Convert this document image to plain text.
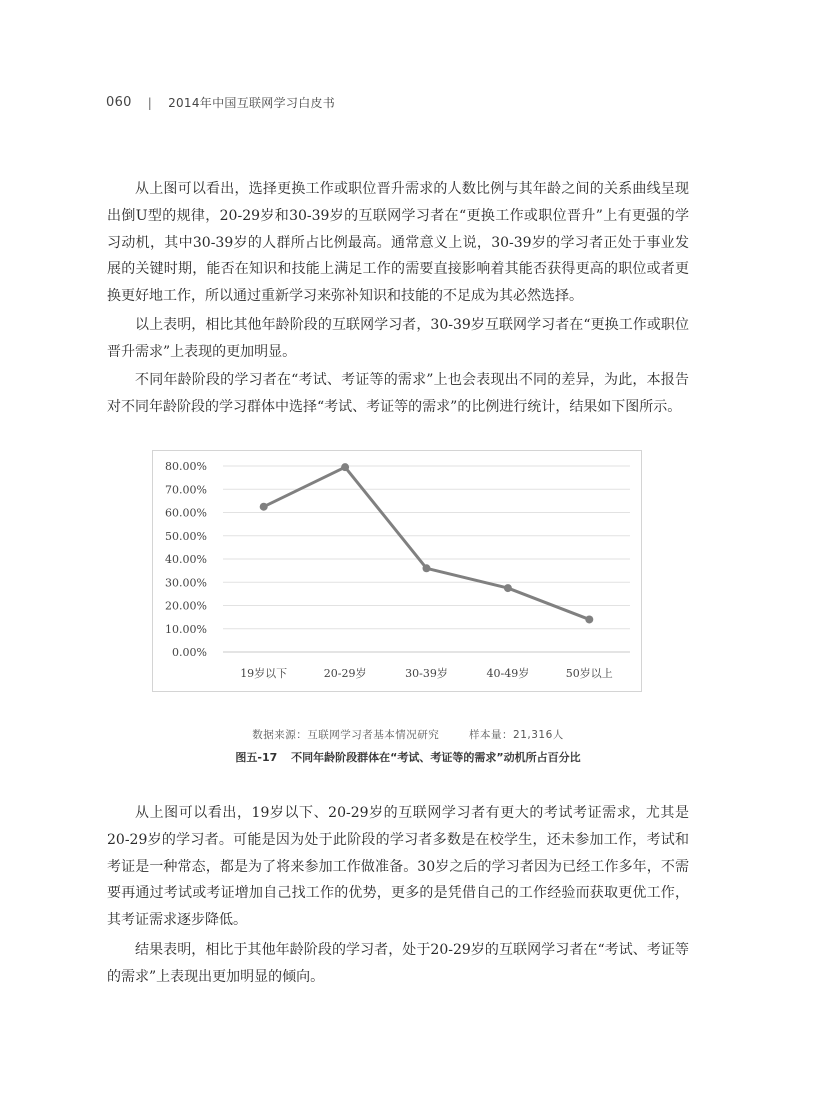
060 | 2014年中国互联网学习白皮书

从上图可以看出，选择更换工作或职位晋升需求的人数比例与其年龄之间的关系曲线呈现出倒U型的规律，20-29岁和30-39岁的互联网学习者在“更换工作或职位晋升”上有更强的学习动机，其中30-39岁的人群所占比例最高。通常意义上说，30-39岁的学习者正处于事业发展的关键时期，能否在知识和技能上满足工作的需要直接影响着其能否获得更高的职位或者更换更好地工作，所以通过重新学习来弥补知识和技能的不足成为其必然选择。

以上表明，相比其他年龄阶段的互联网学习者，30-39岁互联网学习者在“更换工作或职位晋升需求”上表现的更加明显。

不同年龄阶段的学习者在“考试、考证等的需求”上也会表现出不同的差异，为此，本报告对不同年龄阶段的学习群体中选择“考试、考证等的需求”的比例进行统计，结果如下图所示。

0.00%
10.00%
20.00%
30.00%
40.00%
50.00%
60.00%
70.00%
80.00%
19岁以下	20-29岁	30-39岁	40-49岁	50岁以上
数据来源：互联网学习者基本情况研究	样本量：21,316人
图五-17 不同年龄阶段群体在“考试、考证等的需求”动机所占百分比

从上图可以看出，19岁以下、20-29岁的互联网学习者有更大的考试考证需求，尤其是20-29岁的学习者。可能是因为处于此阶段的学习者多数是在校学生，还未参加工作，考试和考证是一种常态，都是为了将来参加工作做准备。30岁之后的学习者因为已经工作多年，不需要再通过考试或考证增加自己找工作的优势，更多的是凭借自己的工作经验而获取更优工作，其考证需求逐步降低。

结果表明，相比于其他年龄阶段的学习者，处于20-29岁的互联网学习者在“考试、考证等的需求”上表现出更加明显的倾向。
